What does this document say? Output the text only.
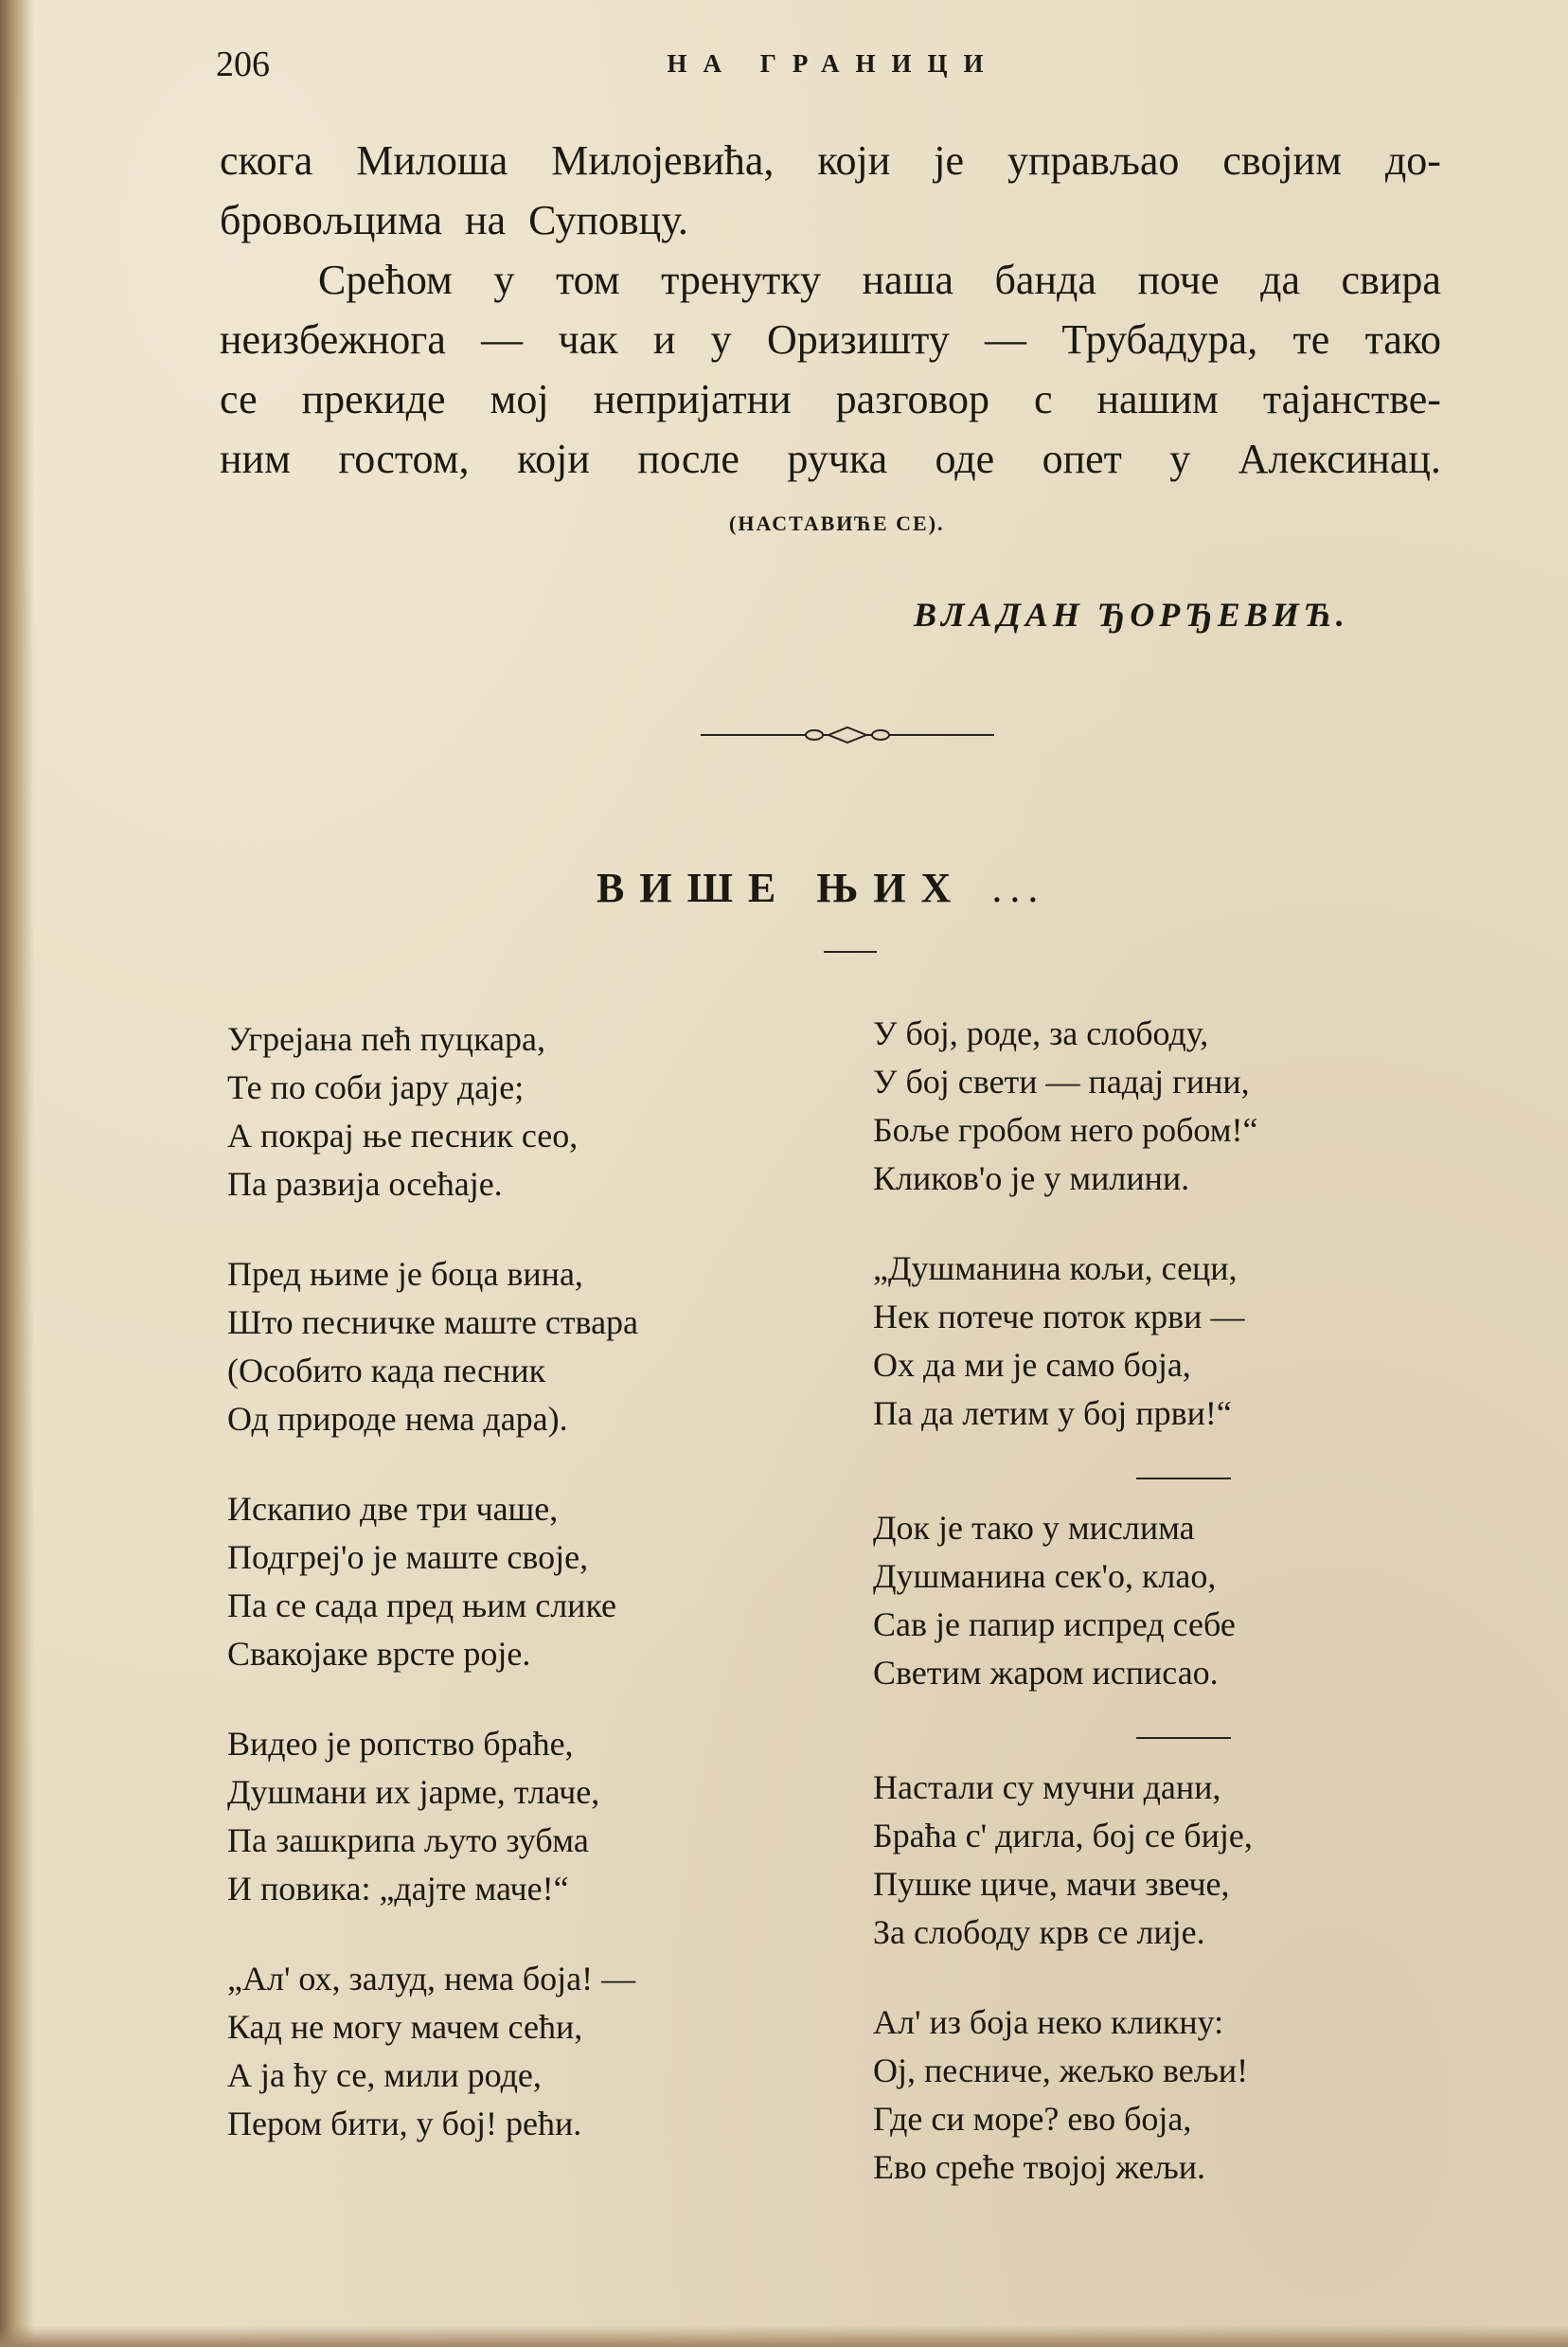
206	НА ГРАНИЦИ
скога Милоша Милојевића, који је управљао својим до-
бровољцима на Суповцу.
Срећом у том тренутку наша банда поче да свира
неизбежнога — чак и у Оризишту — Трубадура, те тако
се прекиде мој непријатни разговор с нашим тајанстве-
ним гостом, који после ручка оде опет у Алексинац.
(НАСТАВИЋЕ СЕ).
ВЛАДАН ЂОРЂЕВИЋ.
ВИШЕ ЊИХ ...
Угрејана пећ пуцкара,
Те по соби јару даје;
А покрај ње песник сео,
Па развија осећаје.
Пред њиме је боца вина,
Што песничке маште ствара
(Особито када песник
Од природе нема дара).
Искапио две три чаше,
Подгреј'о је маште своје,
Па се сада пред њим слике
Свакојаке врсте роје.
Видео је ропство браће,
Душмани их јарме, тлаче,
Па зашкрипа љуто зубма
И повика: „дајте маче!“
„Ал' ох, залуд, нема боја! —
Кад не могу мачем сећи,
А ја ћу се, мили роде,
Пером бити, у бој! рећи.
У бој, роде, за слободу,
У бој свети — падај гини,
Боље гробом него робом!“
Кликов'о је у милини.
„Душманина кољи, сеци,
Нек потече поток крви —
Ох да ми је само боја,
Па да летим у бој први!“
Док је тако у мислима
Душманина сек'о, клао,
Сав је папир испред себе
Светим жаром исписао.
Настали су мучни дани,
Браћа с' дигла, бој се бије,
Пушке циче, мачи звече,
За слободу крв се лије.
Ал' из боја неко кликну:
Ој, песниче, жељко вељи!
Где си море? ево боја,
Ево среће твојој жељи.
